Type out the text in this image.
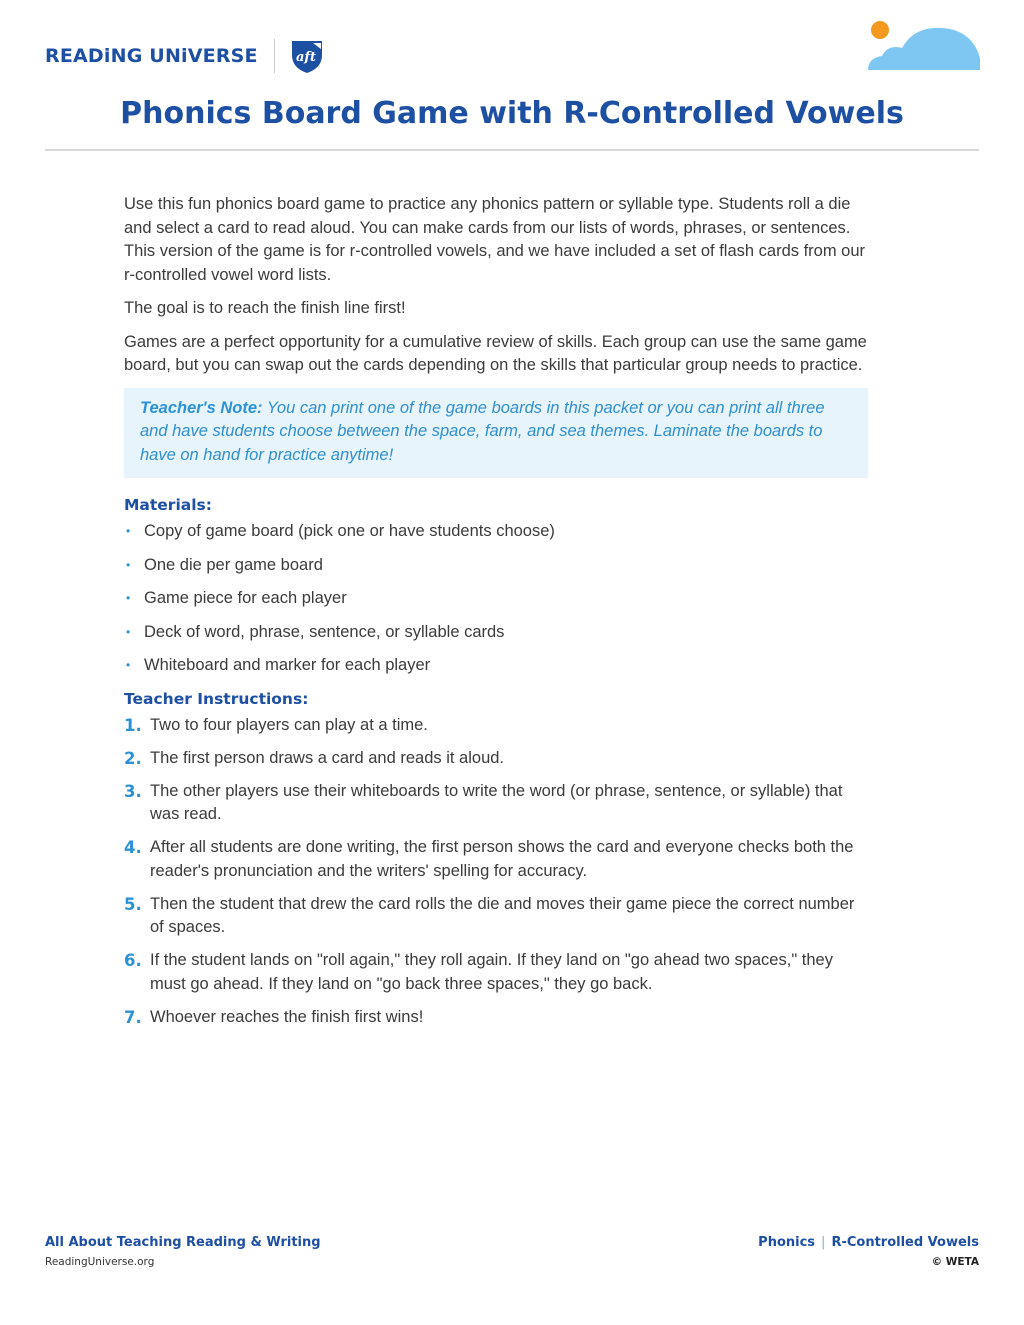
READiNG UNiVERSE	aft
Phonics Board Game with R-Controlled Vowels

Use this fun phonics board game to practice any phonics pattern or syllable type. Students roll a die and select a card to read aloud. You can make cards from our lists of words, phrases, or sentences. This version of the game is for r-controlled vowels, and we have included a set of flash cards from our r-controlled vowel word lists.

The goal is to reach the finish line first!

Games are a perfect opportunity for a cumulative review of skills. Each group can use the same game board, but you can swap out the cards depending on the skills that particular group needs to practice.

Teacher's Note: You can print one of the game boards in this packet or you can print all three and have students choose between the space, farm, and sea themes. Laminate the boards to have on hand for practice anytime!
Materials:
• Copy of game board (pick one or have students choose)
• One die per game board
• Game piece for each player
• Deck of word, phrase, sentence, or syllable cards
• Whiteboard and marker for each player
Teacher Instructions:
1. Two to four players can play at a time.
2. The first person draws a card and reads it aloud.
3. The other players use their whiteboards to write the word (or phrase, sentence, or syllable) that was read.
4. After all students are done writing, the first person shows the card and everyone checks both the reader's pronunciation and the writers' spelling for accuracy.
5. Then the student that drew the card rolls the die and moves their game piece the correct number of spaces.
6. If the student lands on "roll again," they roll again. If they land on "go ahead two spaces," they must go ahead. If they land on "go back three spaces," they go back.
7. Whoever reaches the finish first wins!
All About Teaching Reading & Writing
ReadingUniverse.org
Phonics | R-Controlled Vowels
© WETA
